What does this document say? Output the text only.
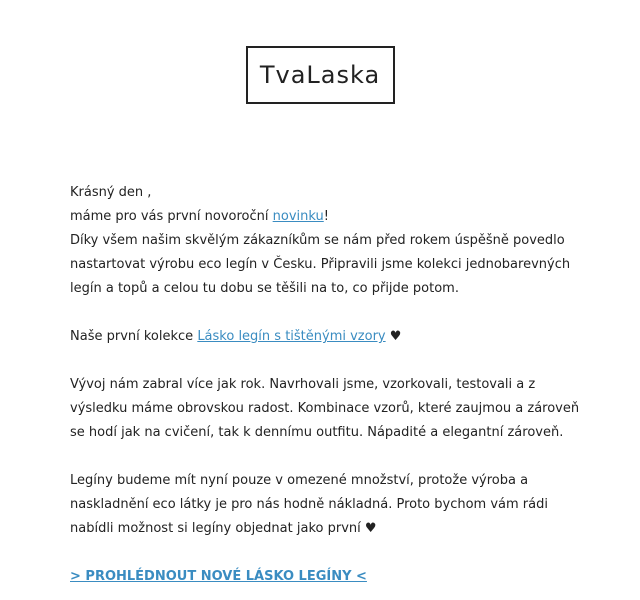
TvaLaska

Krásný den ,

máme pro vás první novoroční novinku!

Díky všem našim skvělým zákazníkům se nám před rokem úspěšně povedlo nastartovat výrobu eco legín v Česku. Připravili jsme kolekci jednobarevných legín a topů a celou tu dobu se těšili na to, co přijde potom.

Naše první kolekce Lásko legín s tištěnými vzory ♥

Vývoj nám zabral více jak rok. Navrhovali jsme, vzorkovali, testovali a z výsledku máme obrovskou radost. Kombinace vzorů, které zaujmou a zároveň se hodí jak na cvičení, tak k dennímu outfitu. Nápadité a elegantní zároveň.

Legíny budeme mít nyní pouze v omezené množství, protože výroba a naskladnění eco látky je pro nás hodně nákladná. Proto bychom vám rádi nabídli možnost si legíny objednat jako první ♥

> PROHLÉDNOUT NOVÉ LÁSKO LEGÍNY <
